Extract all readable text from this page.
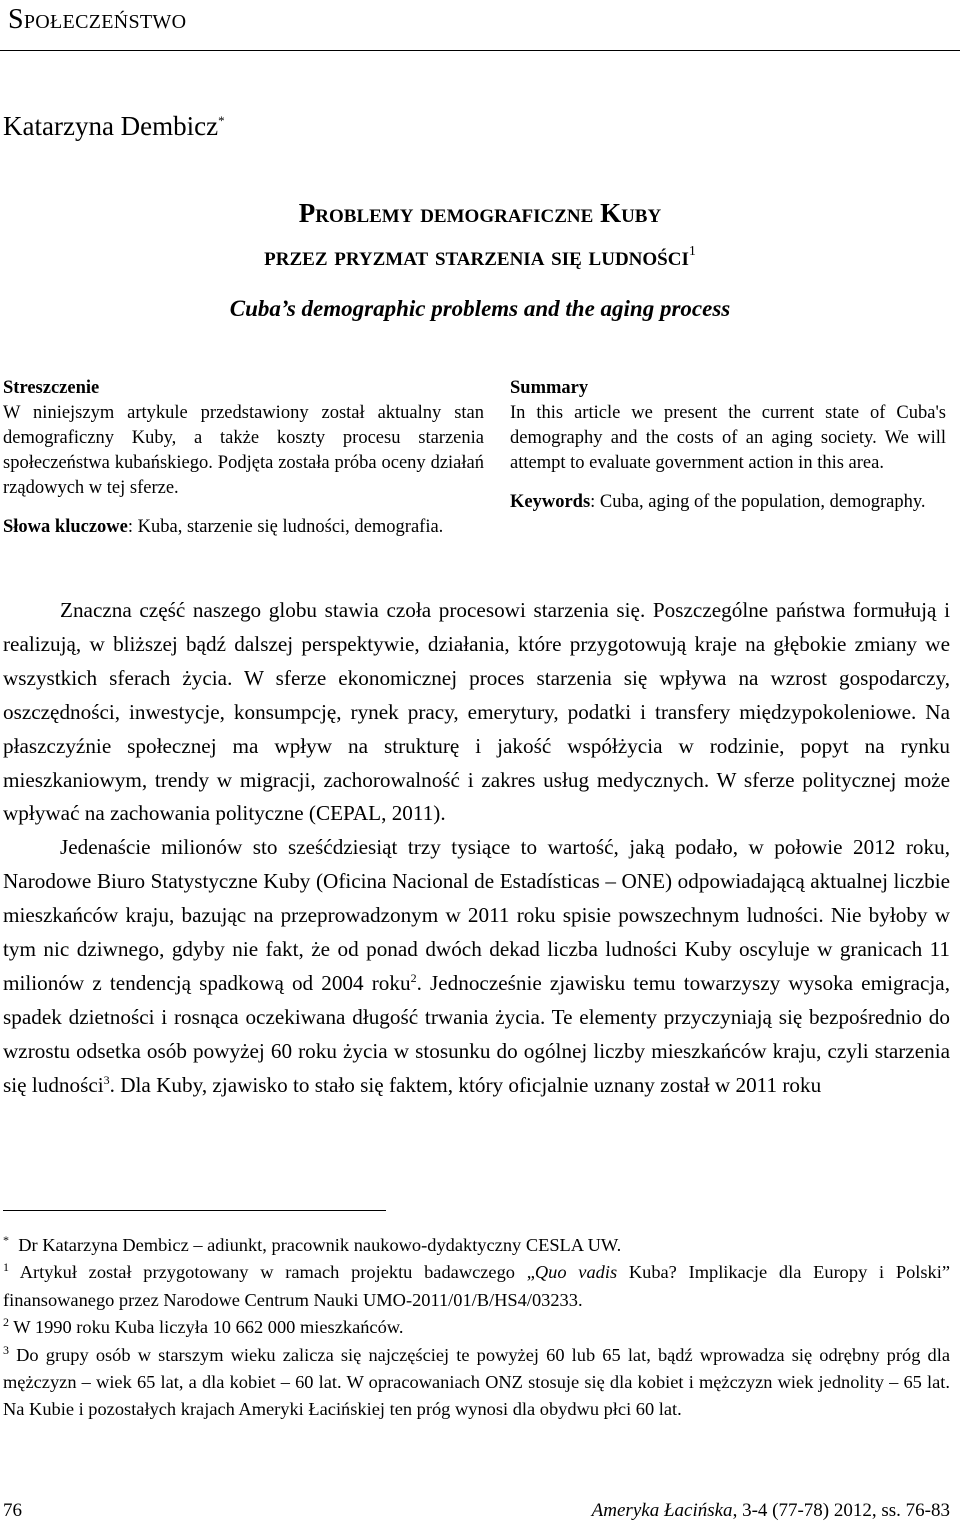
Społeczeństwo
Katarzyna Dembicz*
Problemy demograficzne Kuby
przez pryzmat starzenia się ludności$^1$
Cuba’s demographic problems and the aging process
Streszczenie
W niniejszym artykule przedstawiony został aktualny stan demograficzny Kuby, a także koszty procesu starzenia społeczeństwa kubańskiego. Podjęta została próba oceny działań rządowych w tej sferze.
Słowa kluczowe: Kuba, starzenie się ludności, demografia.
Summary
In this article we present the current state of Cuba's demography and the costs of an aging society. We will attempt to evaluate government action in this area.
Keywords: Cuba, aging of the population, demography.

Znaczna część naszego globu stawia czoła procesowi starzenia się. Poszczególne państwa formułują i realizują, w bliższej bądź dalszej perspektywie, działania, które przygotowują kraje na głębokie zmiany we wszystkich sferach życia. W sferze ekonomicznej proces starzenia się wpływa na wzrost gospodarczy, oszczędności, inwestycje, konsumpcję, rynek pracy, emerytury, podatki i transfery międzypokoleniowe. Na płaszczyźnie społecznej ma wpływ na strukturę i jakość współżycia w rodzinie, popyt na rynku mieszkaniowym, trendy w migracji, zachorowalność i zakres usług medycznych. W sferze politycznej może wpływać na zachowania polityczne (CEPAL, 2011).

Jedenaście milionów sto sześćdziesiąt trzy tysiące to wartość, jaką podało, w połowie 2012 roku, Narodowe Biuro Statystyczne Kuby (Oficina Nacional de Estadísticas – ONE) odpowiadającą aktualnej liczbie mieszkańców kraju, bazując na przeprowadzonym w 2011 roku spisie powszechnym ludności. Nie byłoby w tym nic dziwnego, gdyby nie fakt, że od ponad dwóch dekad liczba ludności Kuby oscyluje w granicach 11 milionów z tendencją spadkową od 2004 roku$^2$. Jednocześnie zjawisku temu towarzyszy wysoka emigracja, spadek dzietności i rosnąca oczekiwana długość trwania życia. Te elementy przyczyniają się bezpośrednio do wzrostu odsetka osób powyżej 60 roku życia w stosunku do ogólnej liczby mieszkańców kraju, czyli starzenia się ludności$^3$. Dla Kuby, zjawisko to stało się faktem, który oficjalnie uznany został w 2011 roku

* Dr Katarzyna Dembicz – adiunkt, pracownik naukowo-dydaktyczny CESLA UW.

$^1$ Artykuł został przygotowany w ramach projektu badawczego „Quo vadis Kuba? Implikacje dla Europy i Polski” finansowanego przez Narodowe Centrum Nauki UMO-2011/01/B/HS4/03233.

$^2$ W 1990 roku Kuba liczyła 10 662 000 mieszkańców.

$^3$ Do grupy osób w starszym wieku zalicza się najczęściej te powyżej 60 lub 65 lat, bądź wprowadza się odrębny próg dla mężczyzn – wiek 65 lat, a dla kobiet – 60 lat. W opracowaniach ONZ stosuje się dla kobiet i mężczyzn wiek jednolity – 65 lat. Na Kubie i pozostałych krajach Ameryki Łacińskiej ten próg wynosi dla obydwu płci 60 lat.

76	Ameryka Łacińska, 3-4 (77-78) 2012, ss. 76-83
